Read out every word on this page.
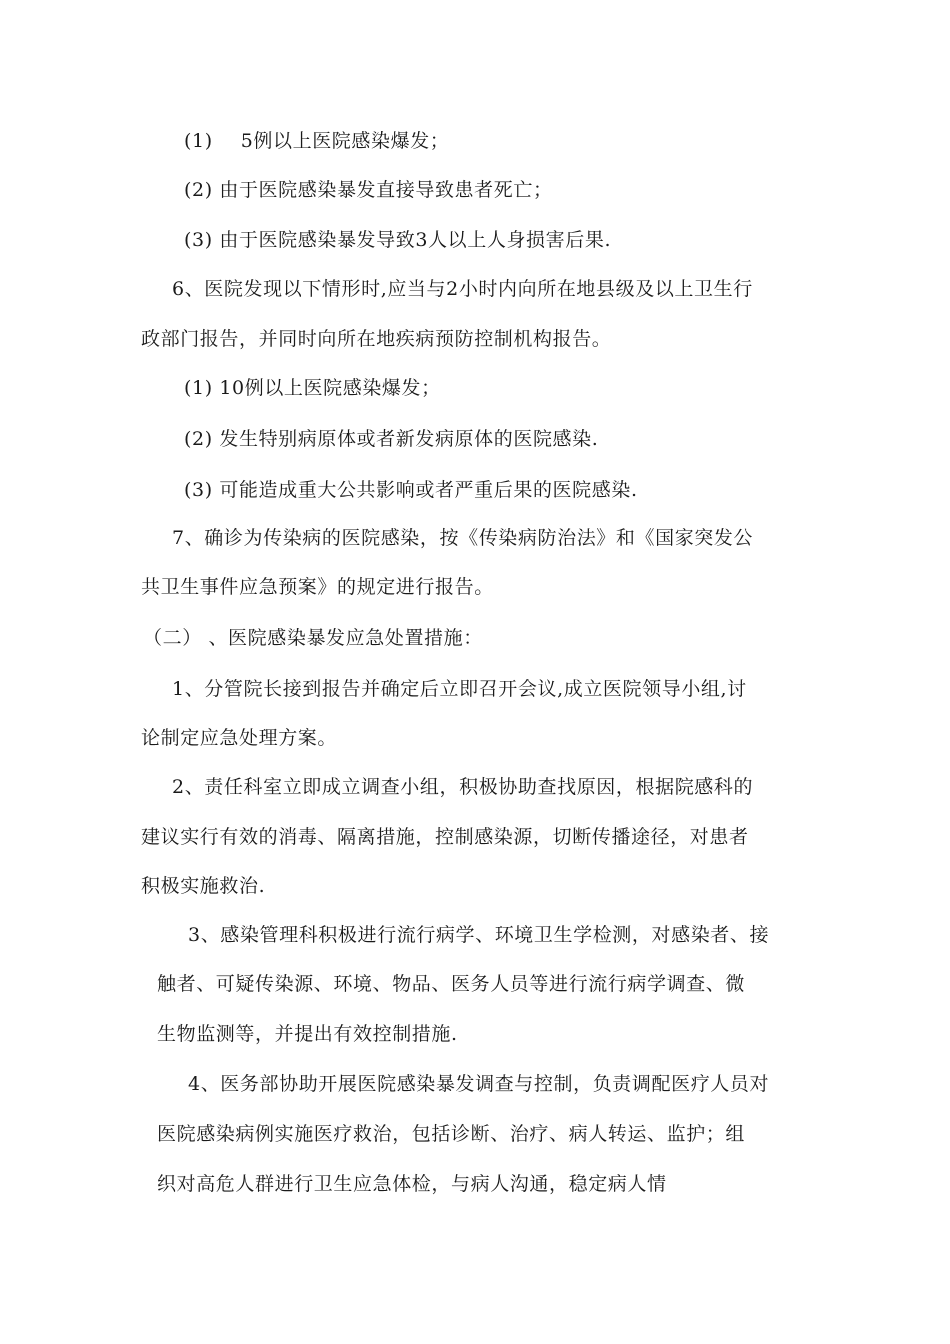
(1) 5例以上医院感染爆发；
(2) 由于医院感染暴发直接导致患者死亡；
(3) 由于医院感染暴发导致3人以上人身损害后果.
6、医院发现以下情形时,应当与2小时内向所在地县级及以上卫生行
政部门报告，并同时向所在地疾病预防控制机构报告。
(1) 10例以上医院感染爆发；
(2) 发生特别病原体或者新发病原体的医院感染.
(3) 可能造成重大公共影响或者严重后果的医院感染.
7、确诊为传染病的医院感染，按《传染病防治法》和《国家突发公
共卫生事件应急预案》的规定进行报告。
（二） 、医院感染暴发应急处置措施：
1、分管院长接到报告并确定后立即召开会议,成立医院领导小组,讨
论制定应急处理方案。
2、责任科室立即成立调查小组，积极协助查找原因，根据院感科的
建议实行有效的消毒、隔离措施，控制感染源，切断传播途径，对患者
积极实施救治.
3、感染管理科积极进行流行病学、环境卫生学检测，对感染者、接
触者、可疑传染源、环境、物品、医务人员等进行流行病学调查、微
生物监测等，并提出有效控制措施.
4、医务部协助开展医院感染暴发调查与控制，负责调配医疗人员对
医院感染病例实施医疗救治，包括诊断、治疗、病人转运、监护；组
织对高危人群进行卫生应急体检，与病人沟通，稳定病人情
